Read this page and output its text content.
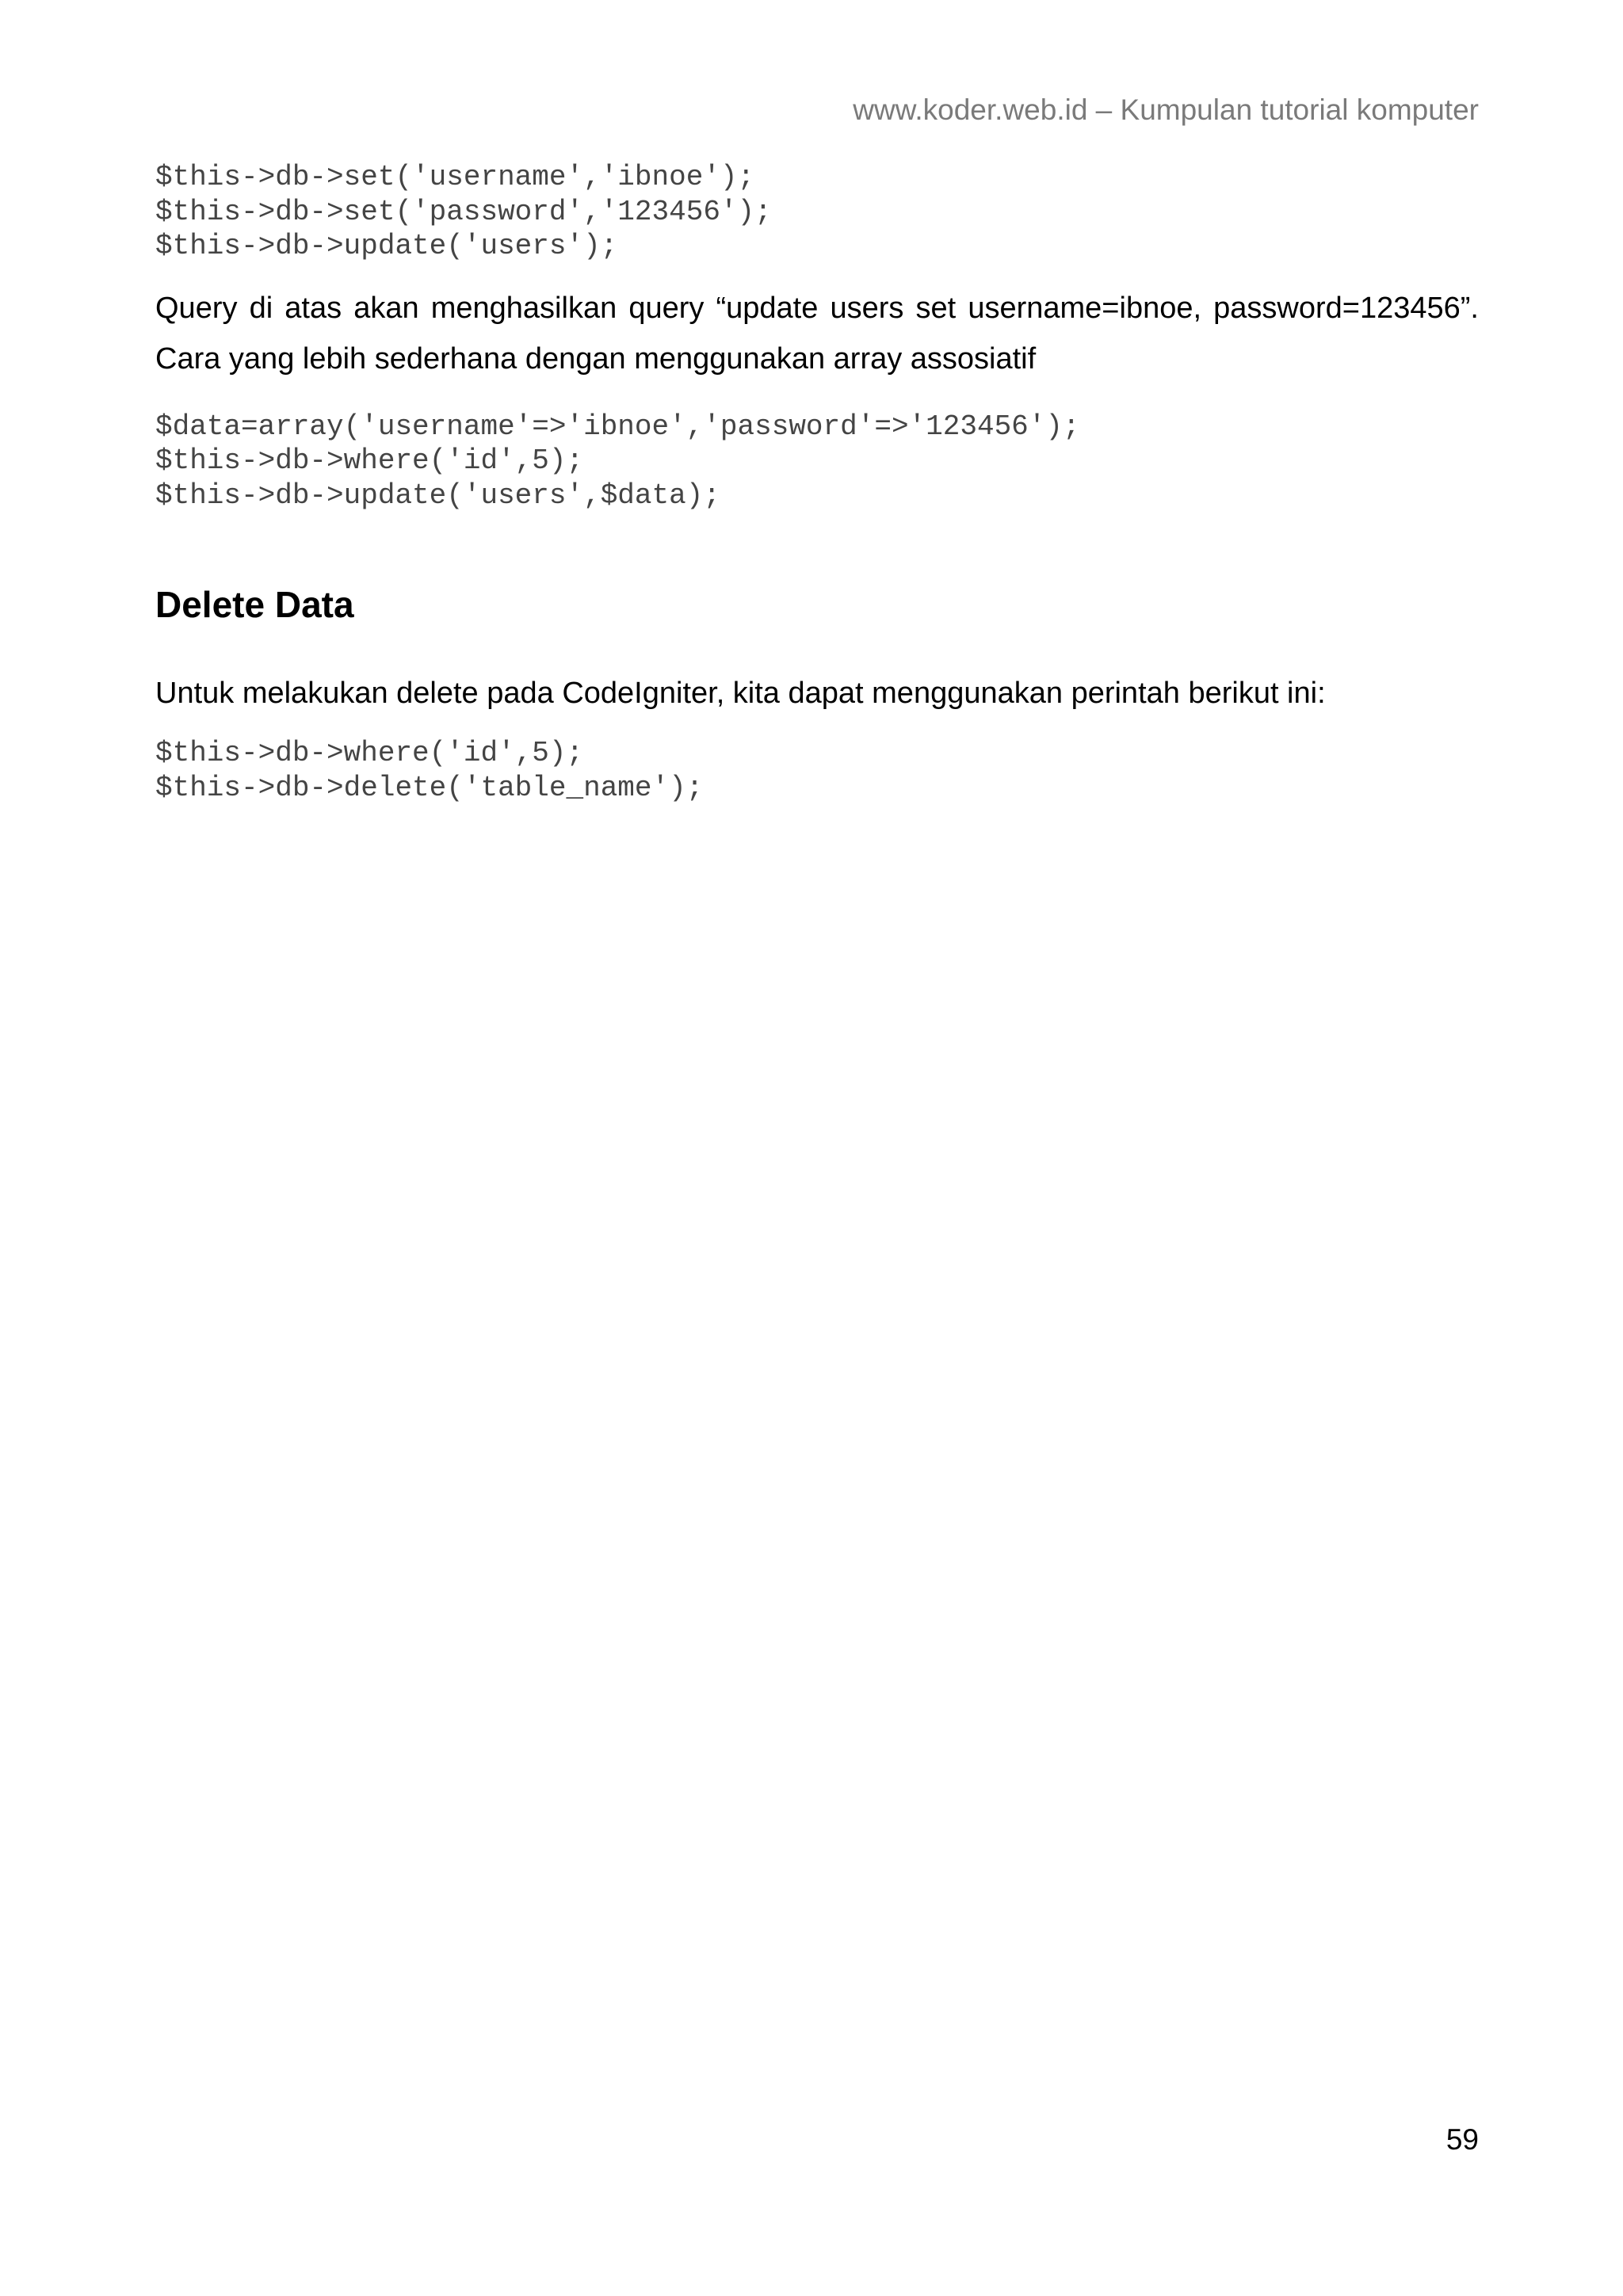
www.koder.web.id – Kumpulan tutorial komputer

$this->db->set('username','ibnoe');
$this->db->set('password','123456');
$this->db->update('users');

Query di atas akan menghasilkan query “update users set username=ibnoe, password=123456”.

Cara yang lebih sederhana dengan menggunakan array assosiatif

$data=array('username'=>'ibnoe','password'=>'123456');
$this->db->where('id',5);
$this->db->update('users',$data);
Delete Data

Untuk melakukan delete pada CodeIgniter, kita dapat menggunakan perintah berikut ini:

$this->db->where('id',5);
$this->db->delete('table_name');

59
